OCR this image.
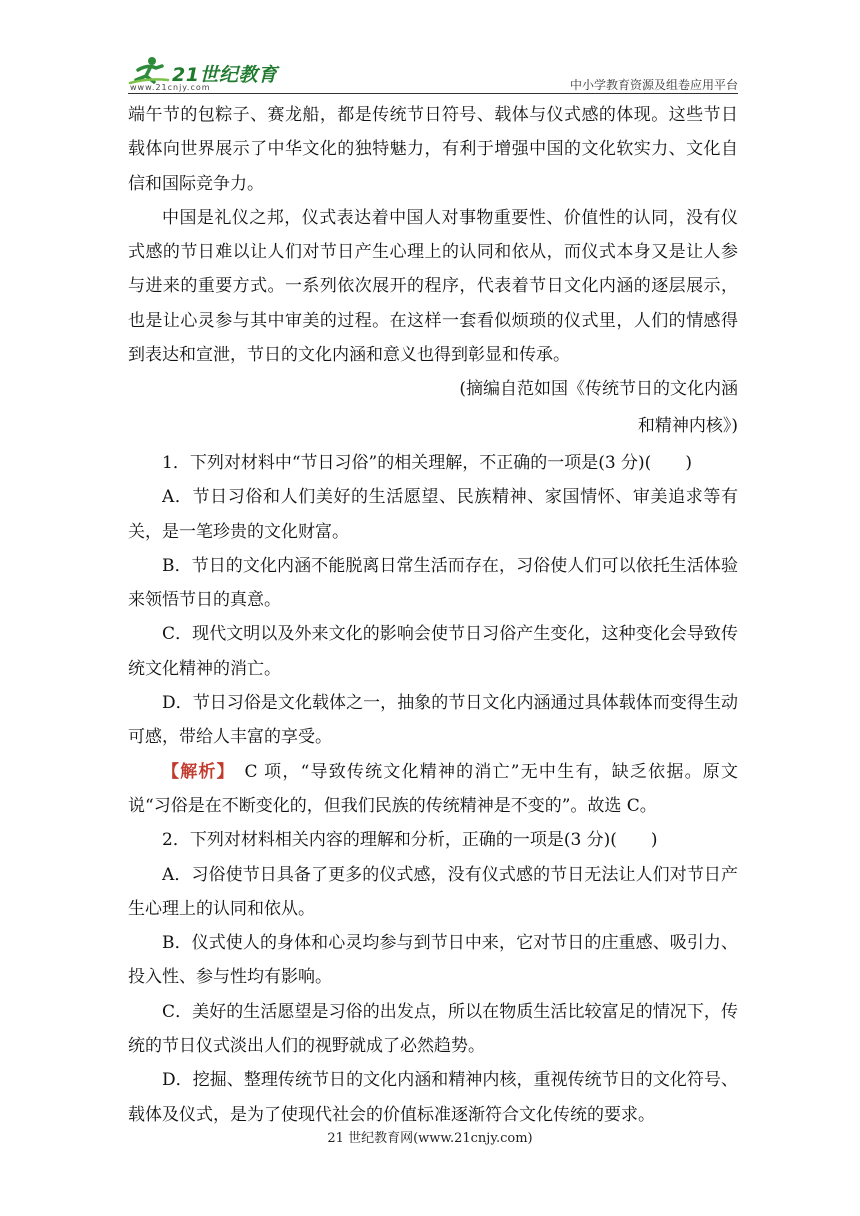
21世纪教育
www.21cnjy.com	中小学教育资源及组卷应用平台

端午节的包粽子、赛龙船，都是传统节日符号、载体与仪式感的体现。这些节日载体向世界展示了中华文化的独特魅力，有利于增强中国的文化软实力、文化自信和国际竞争力。

中国是礼仪之邦，仪式表达着中国人对事物重要性、价值性的认同，没有仪式感的节日难以让人们对节日产生心理上的认同和依从，而仪式本身又是让人参与进来的重要方式。一系列依次展开的程序，代表着节日文化内涵的逐层展示，也是让心灵参与其中审美的过程。在这样一套看似烦琐的仪式里，人们的情感得到表达和宣泄，节日的文化内涵和意义也得到彰显和传承。

(摘编自范如国《传统节日的文化内涵

和精神内核》)

1．下列对材料中“节日习俗”的相关理解，不正确的一项是(3 分)(　　)

A．节日习俗和人们美好的生活愿望、民族精神、家国情怀、审美追求等有关，是一笔珍贵的文化财富。

B．节日的文化内涵不能脱离日常生活而存在，习俗使人们可以依托生活体验来领悟节日的真意。

C．现代文明以及外来文化的影响会使节日习俗产生变化，这种变化会导致传统文化精神的消亡。

D．节日习俗是文化载体之一，抽象的节日文化内涵通过具体载体而变得生动可感，带给人丰富的享受。

【解析】　C 项，“导致传统文化精神的消亡”无中生有，缺乏依据。原文说“习俗是在不断变化的，但我们民族的传统精神是不变的”。故选 C。

2．下列对材料相关内容的理解和分析，正确的一项是(3 分)(　　)

A．习俗使节日具备了更多的仪式感，没有仪式感的节日无法让人们对节日产生心理上的认同和依从。

B．仪式使人的身体和心灵均参与到节日中来，它对节日的庄重感、吸引力、投入性、参与性均有影响。

C．美好的生活愿望是习俗的出发点，所以在物质生活比较富足的情况下，传统的节日仪式淡出人们的视野就成了必然趋势。

D．挖掘、整理传统节日的文化内涵和精神内核，重视传统节日的文化符号、载体及仪式，是为了使现代社会的价值标准逐渐符合文化传统的要求。

21 世纪教育网(www.21cnjy.com)
